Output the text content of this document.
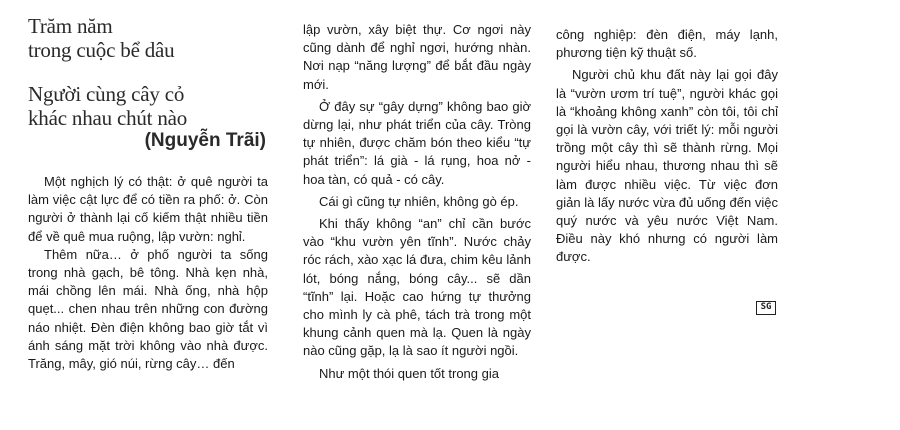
Trăm năm
trong cuộc bể dâu
Người cùng cây cỏ
khác nhau chút nào
(Nguyễn Trãi)

Một nghịch lý có thật: ở quê người ta làm việc cật lực để có tiền ra phố: ở. Còn người ở thành lại cố kiếm thật nhiều tiền để về quê mua ruộng, lập vườn: nghỉ.

Thêm nữa… ở phố người ta sống trong nhà gạch, bê tông. Nhà kẹn nhà, mái chồng lên mái. Nhà ống, nhà hộp quẹt... chen nhau trên những con đường náo nhiệt. Đèn điện không bao giờ tắt vì ánh sáng mặt trời không vào nhà được. Trăng, mây, gió núi, rừng cây… đến

lập vườn, xây biệt thự. Cơ ngơi này cũng dành để nghỉ ngơi, hướng nhàn. Nơi nạp “năng lượng” để bắt đầu ngày mới.

Ở đây sự “gây dựng” không bao giờ dừng lại, như phát triển của cây. Tròng tự nhiên, được chăm bón theo kiểu “tự phát triển”: lá già - lá rụng, hoa nở - hoa tàn, có quả - có cây.

Cái gì cũng tự nhiên, không gò ép.

Khi thấy không “an” chỉ cần bước vào “khu vườn yên tĩnh”. Nước chảy róc rách, xào xạc lá đưa, chim kêu lảnh lót, bóng nắng, bóng cây... sẽ dần “tĩnh” lại. Hoặc cao hứng tự thưởng cho mình ly cà phê, tách trà trong một khung cảnh quen mà lạ. Quen là ngày nào cũng gặp, lạ là sao ít người ngồi.

Như một thói quen tốt trong gia

công nghiệp: đèn điện, máy lạnh, phương tiện kỹ thuật số.

Người chủ khu đất này lại gọi đây là “vườn ươm trí tuệ”, người khác gọi là “khoảng không xanh” còn tôi, tôi chỉ gọi là vườn cây, với triết lý: mỗi người trồng một cây thì sẽ thành rừng. Mọi người hiểu nhau, thương nhau thì sẽ làm được nhiều việc. Từ việc đơn giản là lấy nước vừa đủ uống đến việc quý nước và yêu nước Việt Nam. Điều này khó nhưng có người làm được.

SG
